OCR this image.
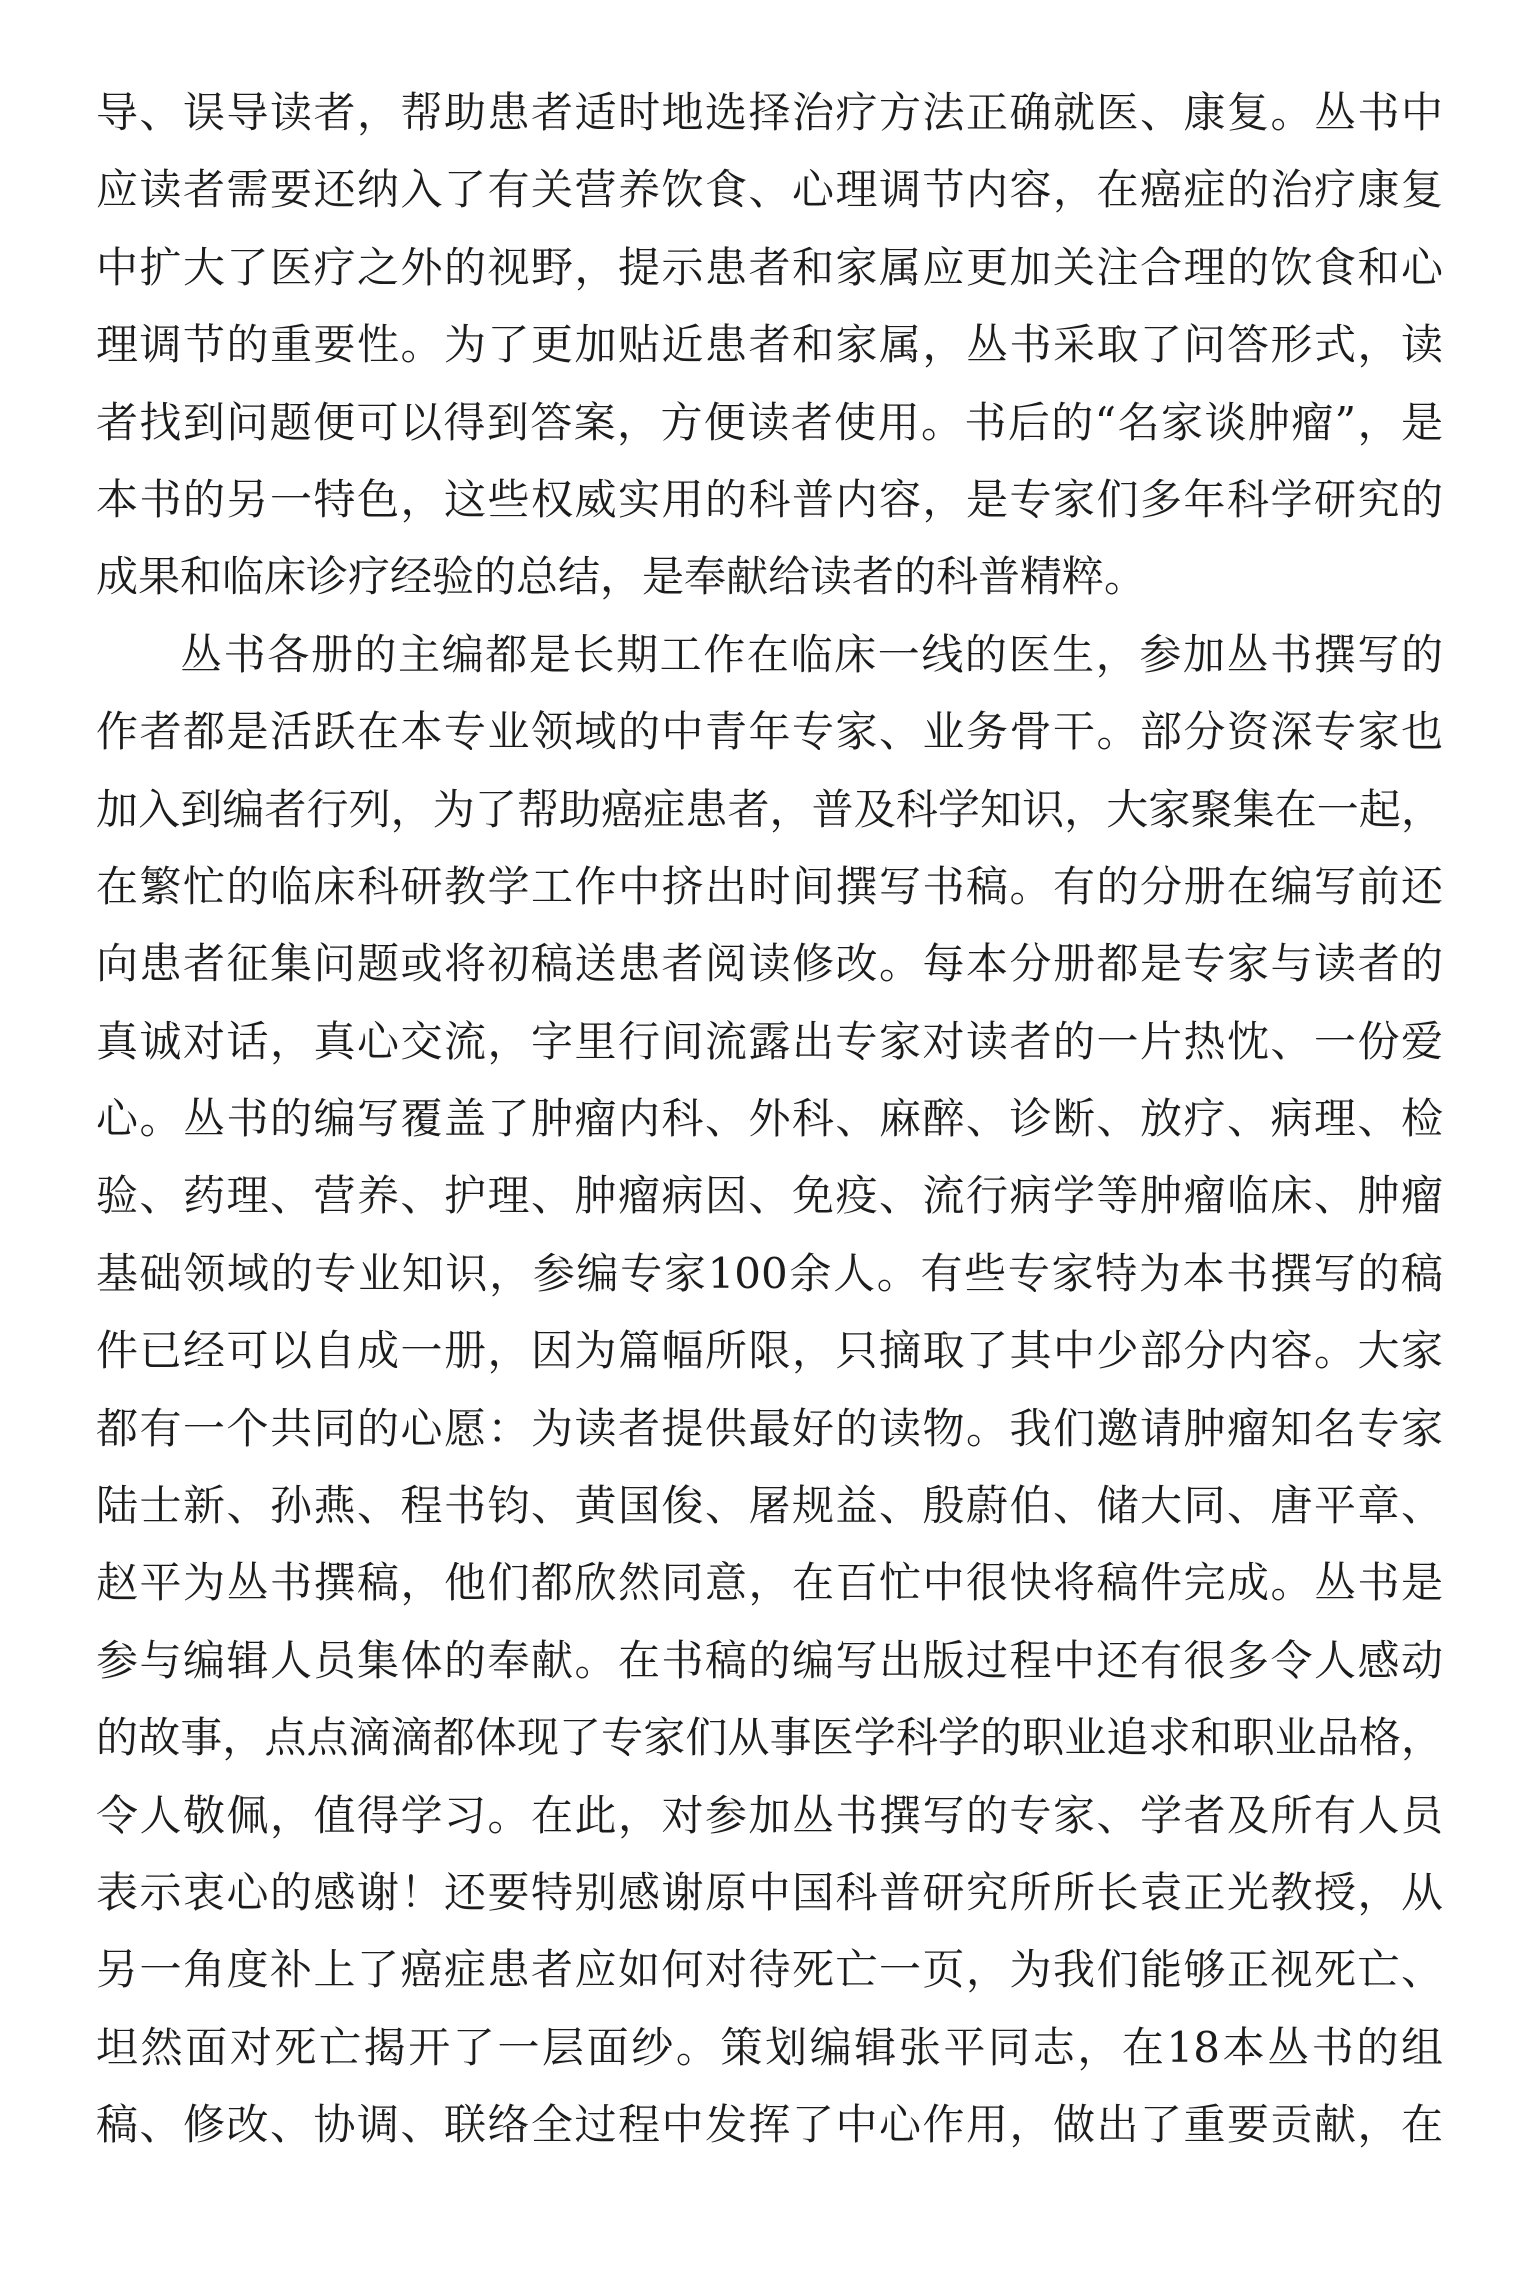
导、误导读者，帮助患者适时地选择治疗方法正确就医、康复。丛书中
应读者需要还纳入了有关营养饮食、心理调节内容，在癌症的治疗康复
中扩大了医疗之外的视野，提示患者和家属应更加关注合理的饮食和心
理调节的重要性。为了更加贴近患者和家属，丛书采取了问答形式，读
者找到问题便可以得到答案，方便读者使用。书后的“名家谈肿瘤”，是
本书的另一特色，这些权威实用的科普内容，是专家们多年科学研究的
成果和临床诊疗经验的总结，是奉献给读者的科普精粹。
丛书各册的主编都是长期工作在临床一线的医生，参加丛书撰写的
作者都是活跃在本专业领域的中青年专家、业务骨干。部分资深专家也
加入到编者行列，为了帮助癌症患者，普及科学知识，大家聚集在一起，
在繁忙的临床科研教学工作中挤出时间撰写书稿。有的分册在编写前还
向患者征集问题或将初稿送患者阅读修改。每本分册都是专家与读者的
真诚对话，真心交流，字里行间流露出专家对读者的一片热忱、一份爱
心。丛书的编写覆盖了肿瘤内科、外科、麻醉、诊断、放疗、病理、检
验、药理、营养、护理、肿瘤病因、免疫、流行病学等肿瘤临床、肿瘤
基础领域的专业知识，参编专家100余人。有些专家特为本书撰写的稿
件已经可以自成一册，因为篇幅所限，只摘取了其中少部分内容。大家
都有一个共同的心愿：为读者提供最好的读物。我们邀请肿瘤知名专家
陆士新、孙燕、程书钧、黄国俊、屠规益、殷蔚伯、储大同、唐平章、
赵平为丛书撰稿，他们都欣然同意，在百忙中很快将稿件完成。丛书是
参与编辑人员集体的奉献。在书稿的编写出版过程中还有很多令人感动
的故事，点点滴滴都体现了专家们从事医学科学的职业追求和职业品格，
令人敬佩，值得学习。在此，对参加丛书撰写的专家、学者及所有人员
表示衷心的感谢！还要特别感谢原中国科普研究所所长袁正光教授，从
另一角度补上了癌症患者应如何对待死亡一页，为我们能够正视死亡、
坦然面对死亡揭开了一层面纱。策划编辑张平同志，在18本丛书的组
稿、修改、协调、联络全过程中发挥了中心作用，做出了重要贡献，在
